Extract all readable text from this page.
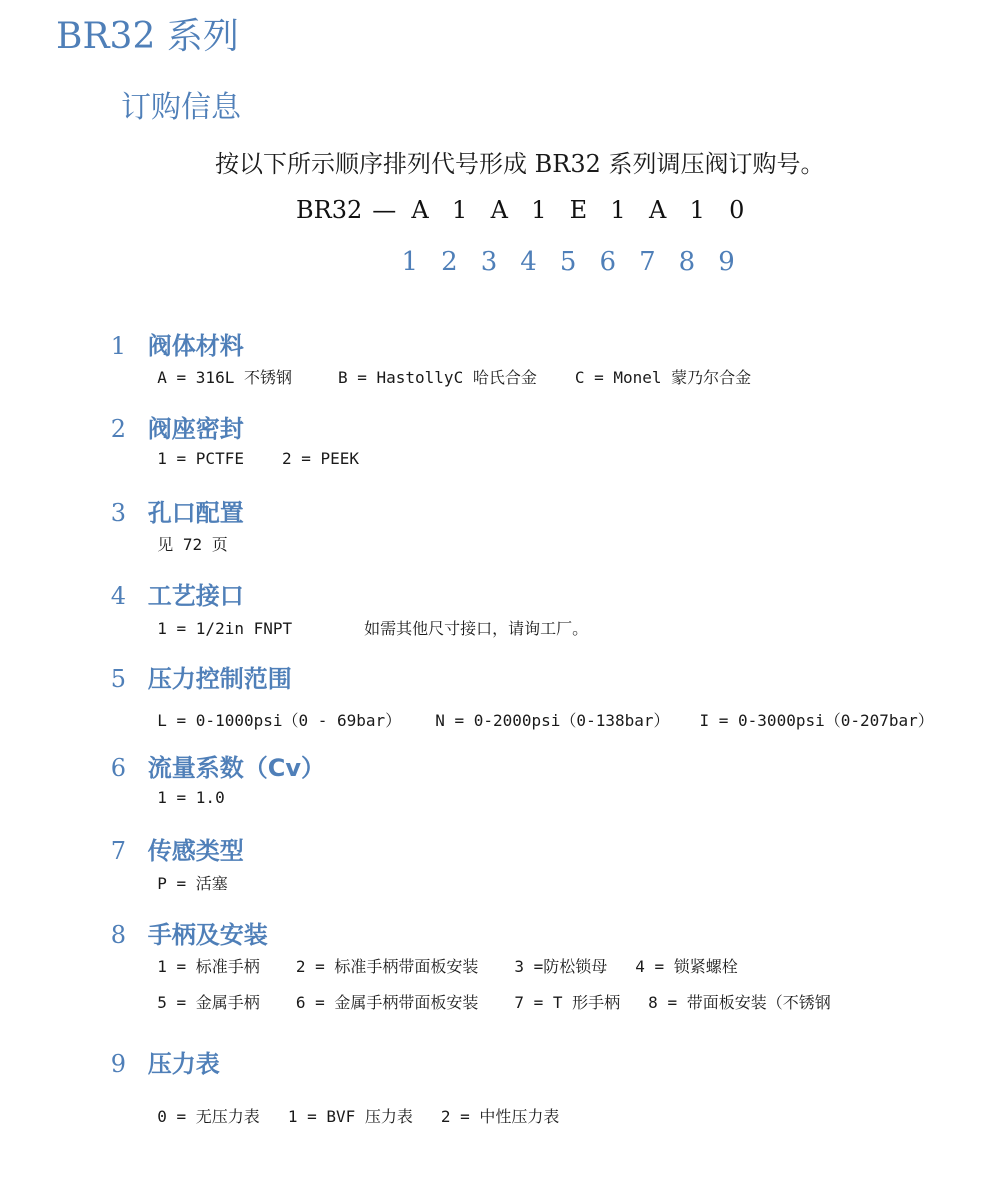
BR32 系列
订购信息
按以下所示顺序排列代号形成 BR32 系列调压阀订购号。
BR32 — A 1 A 1 E 1 A 1	0
1 2 3 4 5 6 7 8 9

1 阀体材料

A = 316L 不锈钢	B = HastollyC 哈氏合金 C = Monel 蒙乃尔合金

2 阀座密封

1 = PCTFE 2 = PEEK

3 孔口配置

见 72 页

4 工艺接口

1 = 1/2in FNPT	如需其他尺寸接口，请询工厂。

5 压力控制范围

L = 0-1000psi（0 - 69bar） N = 0-2000psi（0-138bar） I = 0-3000psi（0-207bar）

6 流量系数（Cv）

1 = 1.0

7 传感类型

P = 活塞

8 手柄及安装

1 = 标准手柄 2 = 标准手柄带面板安装 3 =防松锁母 4 = 锁紧螺栓

5 = 金属手柄 6 = 金属手柄带面板安装 7 = T 形手柄 8 = 带面板安装（不锈钢

9 压力表

0 = 无压力表 1 = BVF 压力表 2 = 中性压力表
